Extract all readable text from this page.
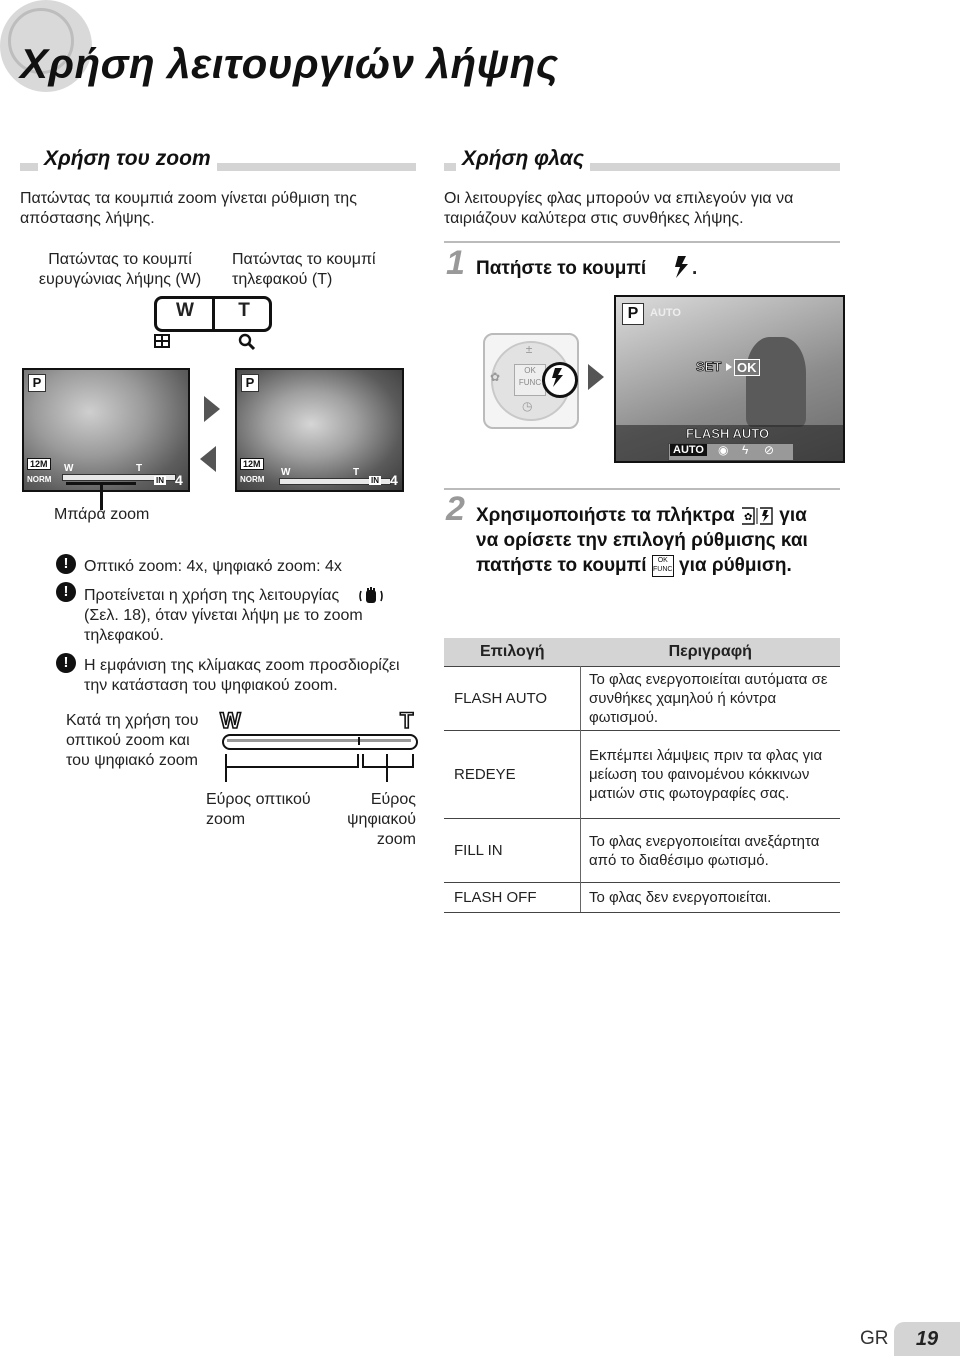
Χρήση λειτουργιών λήψης
Χρήση του zoom
Πατώντας τα κουμπιά zoom γίνεται ρύθμιση της απόστασης λήψης.
Πατώντας το κουμπί ευρυγώνιας λήψης (W)
Πατώντας το κουμπί τηλεφακού (T)
W	T
P
12M
NORM
W	T
IN 4
P
12M
NORM
W	T
IN 4
Μπάρα zoom
! Οπτικό zoom: 4x, ψηφιακό zoom: 4x
! Προτείνεται η χρήση της λειτουργίας
(Σελ. 18), όταν γίνεται λήψη με το zoom τηλεφακού.
! Η εμφάνιση της κλίμακας zoom προσδιορίζει την κατάσταση του ψηφιακού zoom.
Κατά τη χρήση του οπτικού zoom και του ψηφιακό zoom
W	T
Εύρος οπτικού zoom
Εύρος ψηφιακού zoom
Χρήση φλας
Οι λειτουργίες φλας μπορούν να επιλεγούν για να ταιριάζουν καλύτερα στις συνθήκες λήψης.
1 Πατήστε το κουμπί .
OK
FUNC
±
✿
◷
P	AUTO
SET OK
FLASH AUTO
AUTO ◉ ϟ ⊘
2 Χρησιμοποιήστε τα πλήκτρα ✿ για να ορίσετε την επιλογή ρύθμισης και πατήστε το κουμπί OK
FUNC για ρύθμιση.
Επιλογή	Περιγραφή
FLASH AUTO	Το φλας ενεργοποιείται αυτόματα σε συνθήκες χαμηλού ή κόντρα φωτισμού.
REDEYE	Εκπέμπει λάμψεις πριν τα φλας για μείωση του φαινομένου κόκκινων ματιών στις φωτογραφίες σας.
FILL IN	Το φλας ενεργοποιείται ανεξάρτητα από το διαθέσιμο φωτισμό.
FLASH OFF	Το φλας δεν ενεργοποιείται.
GR	19
